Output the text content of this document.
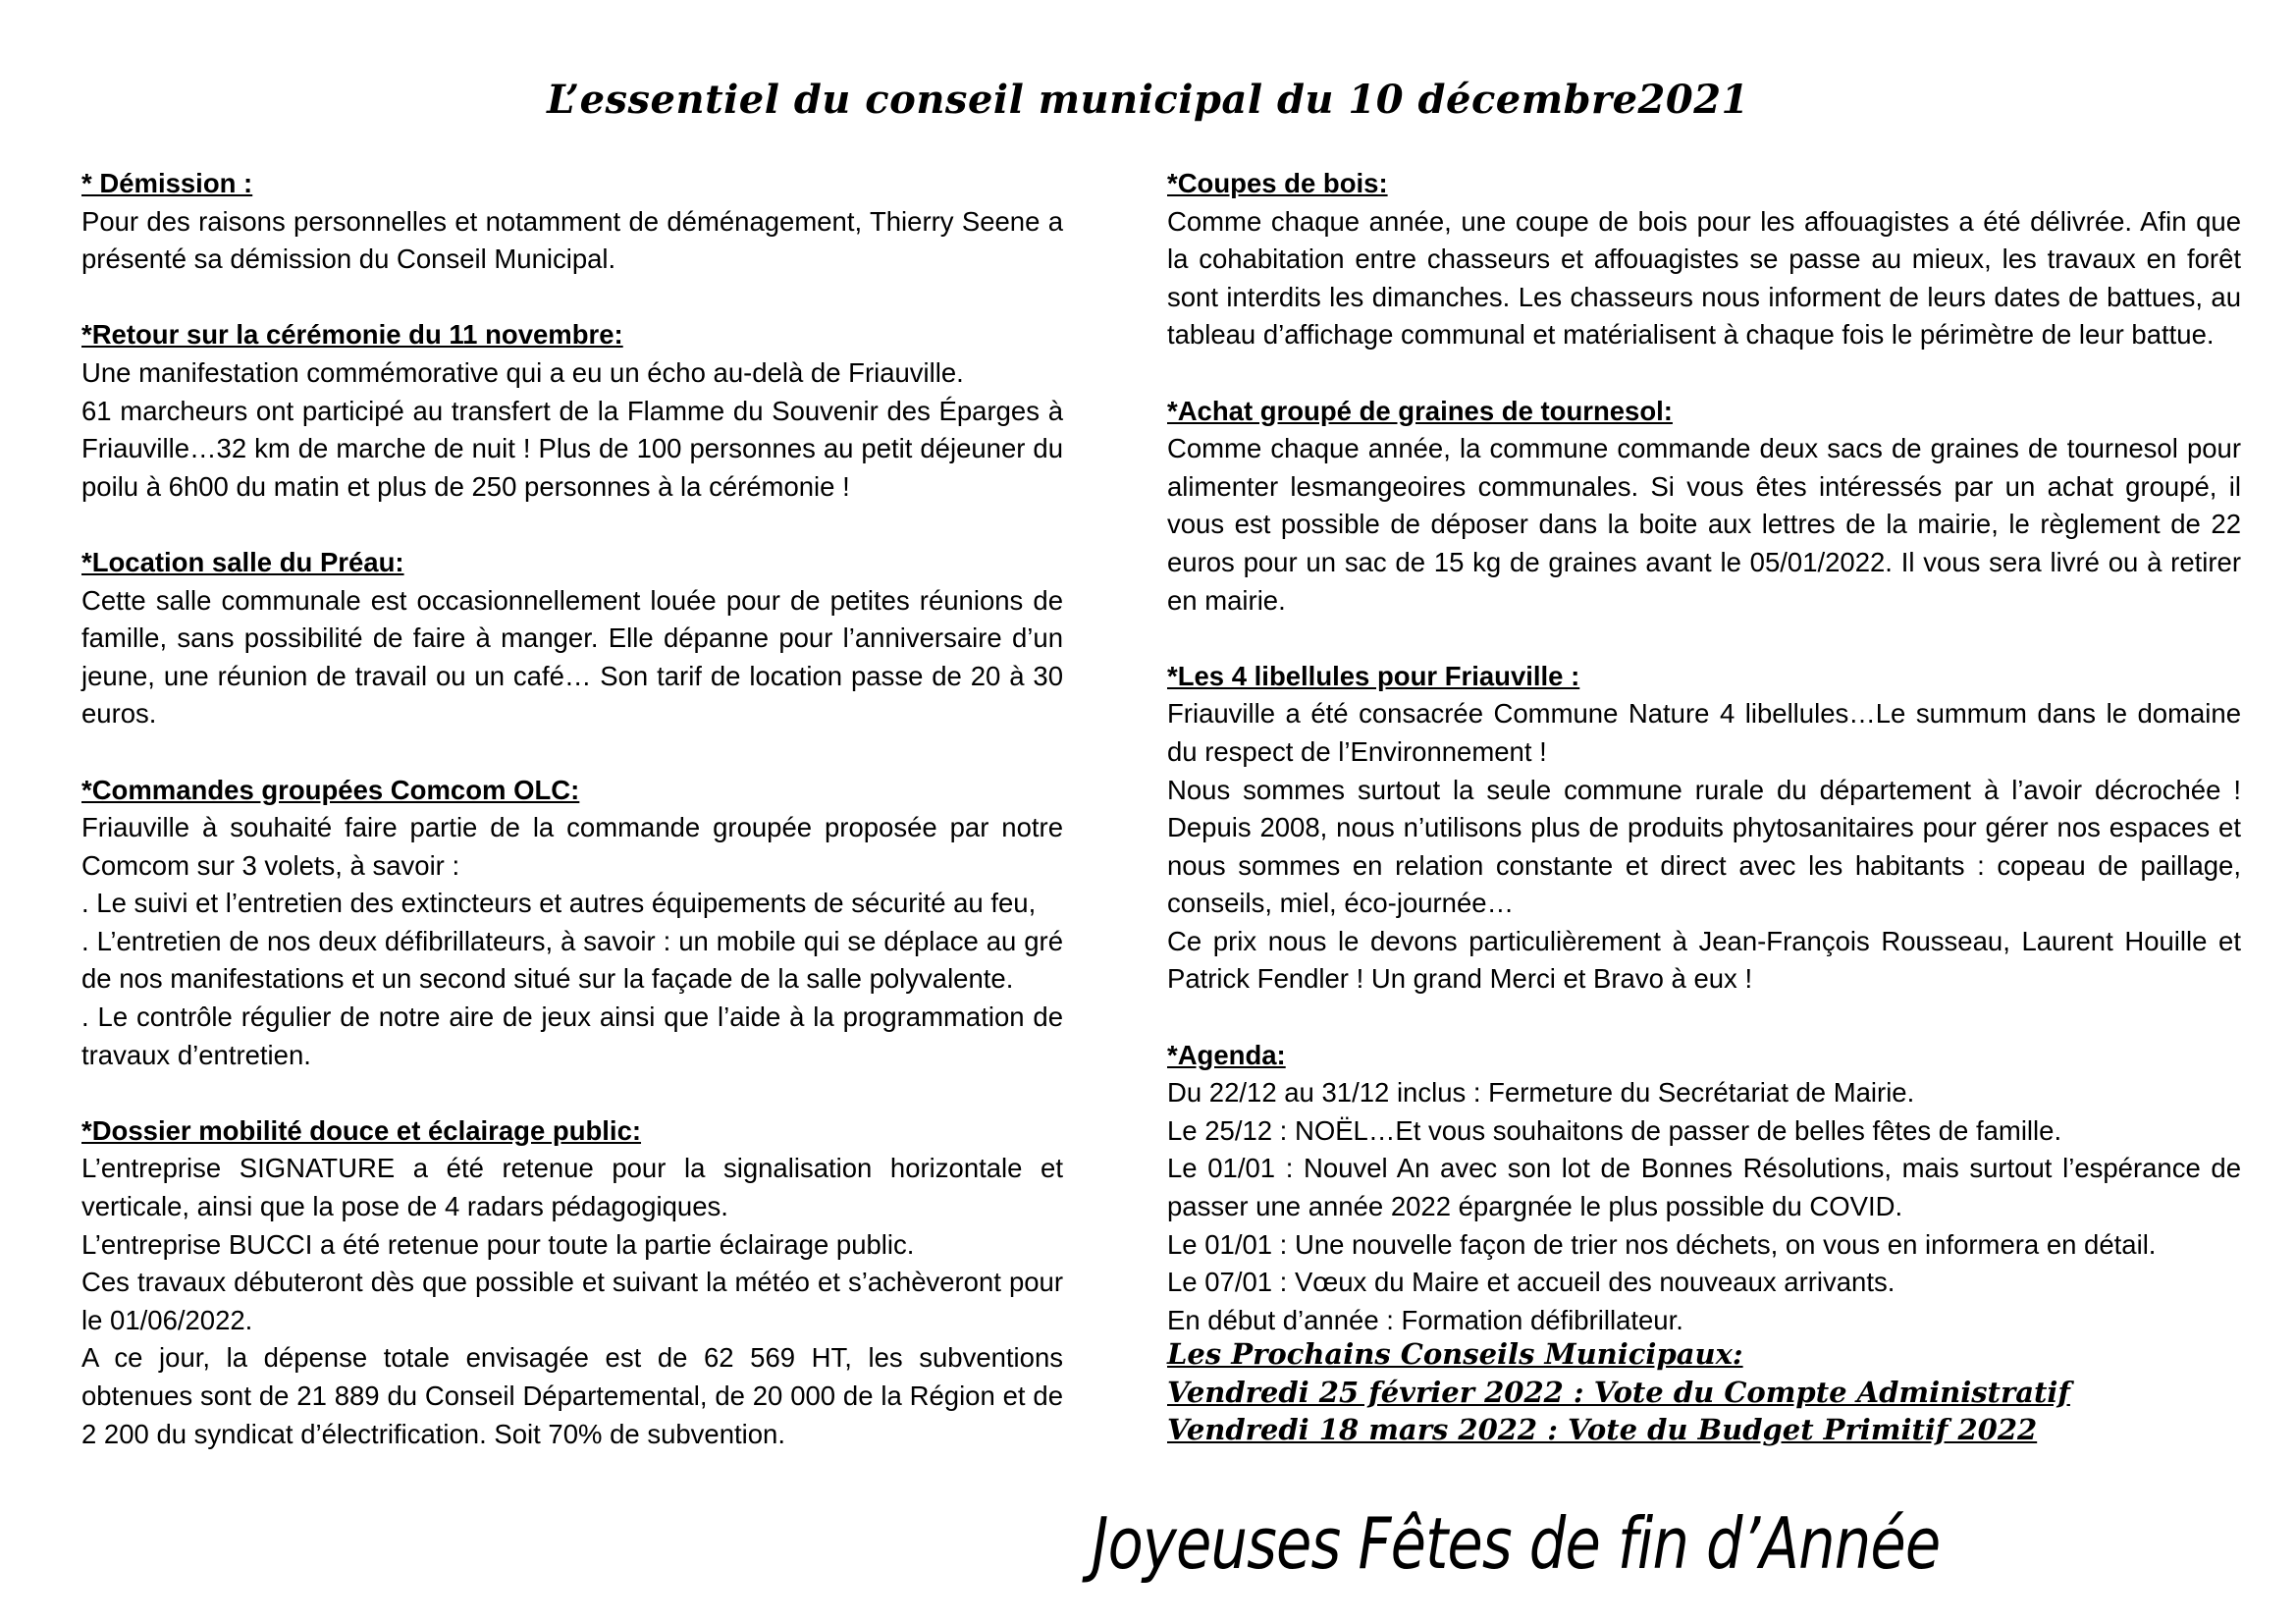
L’essentiel du conseil municipal du 10 décembre2021
* Démission :
Pour des raisons personnelles et notamment de déménagement, Thierry Seene a présenté sa démission du Conseil Municipal.
*Retour sur la cérémonie du 11 novembre:
Une manifestation commémorative qui a eu un écho au-delà de Friauville.
61 marcheurs ont participé au transfert de la Flamme du Souvenir des Éparges à Friauville…32 km de marche de nuit ! Plus de 100 personnes au petit déjeuner du poilu à 6h00 du matin et plus de 250 personnes à la cérémonie !
*Location salle du Préau:
Cette salle communale est occasionnellement louée pour de petites réunions de famille, sans possibilité de faire à manger. Elle dépanne pour l’anniversaire d’un jeune, une réunion de travail ou un café… Son tarif de location passe de 20 à 30 euros.
*Commandes groupées Comcom OLC:
Friauville à souhaité faire partie de la commande groupée proposée par notre Comcom sur 3 volets, à savoir :
. Le suivi et l’entretien des extincteurs et autres équipements de sécurité au feu,
. L’entretien de nos deux défibrillateurs, à savoir : un mobile qui se déplace au gré de nos manifestations et un second situé sur la façade de la salle polyvalente.
. Le contrôle régulier de notre aire de jeux ainsi que l’aide à la programmation de travaux d’entretien.
*Dossier mobilité douce et éclairage public:
L’entreprise SIGNATURE a été retenue pour la signalisation horizontale et verticale, ainsi que la pose de 4 radars pédagogiques.
L’entreprise BUCCI a été retenue pour toute la partie éclairage public.
Ces travaux débuteront dès que possible et suivant la météo et s’achèveront pour le 01/06/2022.
A ce jour, la dépense totale envisagée est de 62 569 HT, les subventions obtenues sont de 21 889 du Conseil Départemental, de 20 000 de la Région et de 2 200 du syndicat d’électrification. Soit 70% de subvention.
*Coupes de bois:
Comme chaque année, une coupe de bois pour les affouagistes a été délivrée. Afin que la cohabitation entre chasseurs et affouagistes se passe au mieux, les travaux en forêt sont interdits les dimanches. Les chasseurs nous informent de leurs dates de battues, au tableau d’affichage communal et matérialisent à chaque fois le périmètre de leur battue.
*Achat groupé de graines de tournesol:
Comme chaque année, la commune commande deux sacs de graines de tournesol pour alimenter lesmangeoires communales. Si vous êtes intéressés par un achat groupé, il vous est possible de déposer dans la boite aux lettres de la mairie, le règlement de 22 euros pour un sac de 15 kg de graines avant le 05/01/2022. Il vous sera livré ou à retirer en mairie.
*Les 4 libellules pour Friauville :
Friauville a été consacrée Commune Nature 4 libellules…Le summum dans le domaine du respect de l’Environnement !
Nous sommes surtout la seule commune rurale du département à l’avoir décrochée ! Depuis 2008, nous n’utilisons plus de produits phytosanitaires pour gérer nos espaces et nous sommes en relation constante et direct avec les habitants : copeau de paillage, conseils, miel, éco-journée…
Ce prix nous le devons particulièrement à Jean-François Rousseau, Laurent Houille et Patrick Fendler ! Un grand Merci et Bravo à eux !
*Agenda:
Du 22/12 au 31/12 inclus : Fermeture du Secrétariat de Mairie.
Le 25/12 : NOËL…Et vous souhaitons de passer de belles fêtes de famille.
Le 01/01 : Nouvel An avec son lot de Bonnes Résolutions, mais surtout l’espérance de passer une année 2022 épargnée le plus possible du COVID.
Le 01/01 : Une nouvelle façon de trier nos déchets, on vous en informera en détail.
Le 07/01 : Vœux du Maire et accueil des nouveaux arrivants.
En début d’année : Formation défibrillateur.
Les Prochains Conseils Municipaux:
Vendredi 25 février 2022 : Vote du Compte Administratif
Vendredi 18 mars 2022 : Vote du Budget Primitif 2022
Joyeuses Fêtes de fin d’Année
